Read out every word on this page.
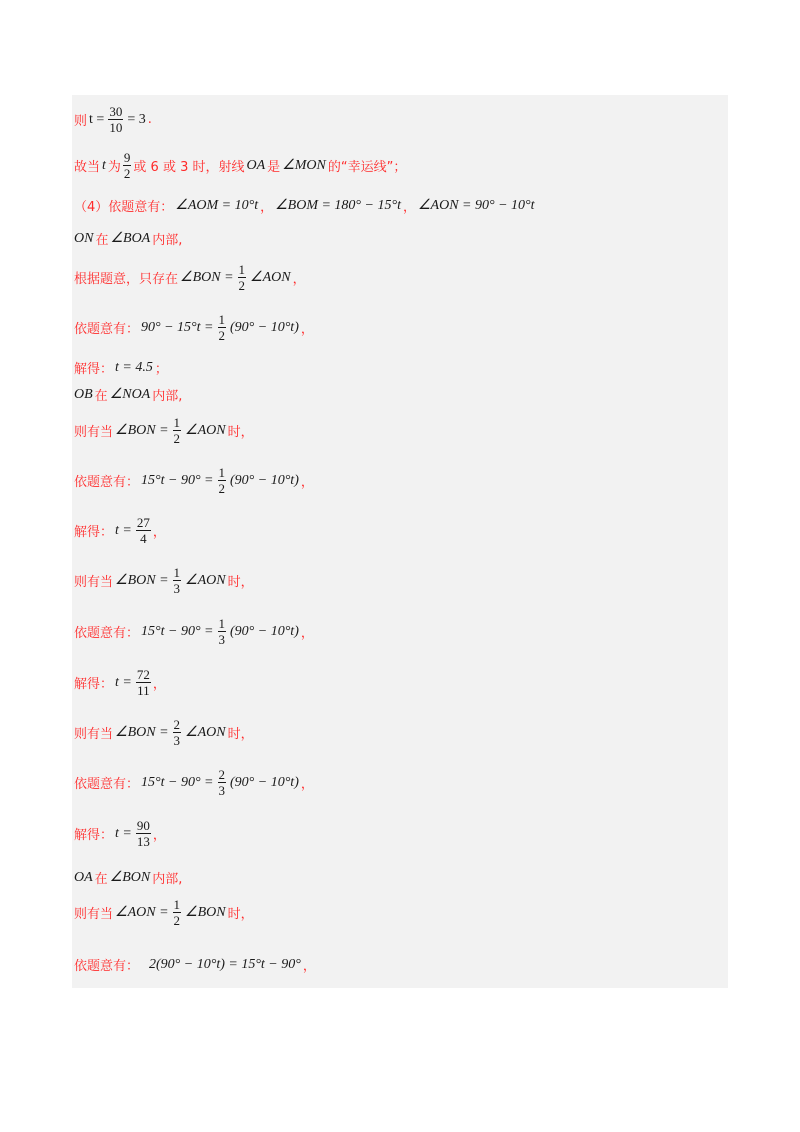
则 $t = \frac{30}{10} = 3$ .
故当 t 为 $\frac{9}{2}$ 或 6 或 3 时，射线 OA 是 ∠MON 的“幸运线”；
（4）依题意有： ∠AOM = 10°t ， ∠BOM = 180° − 15°t ， ∠AON = 90° − 10°t
ON 在 ∠BOA 内部,
根据题意，只存在 ∠BON = $\frac{1}{2}$ ∠AON ，
依题意有： $90^\circ - 15^\circ t = \frac{1}{2} (90^\circ - 10^\circ t)$ ，
解得： t = 4.5 ；
OB 在 ∠NOA 内部,
则有当 ∠BON = $\frac{1}{2}$ ∠AON 时，
依题意有： $15^\circ t - 90^\circ = \frac{1}{2} (90^\circ - 10^\circ t)$ ，
解得： $t = \frac{27}{4}$ ，
则有当 ∠BON = $\frac{1}{3}$ ∠AON 时，
依题意有： $15^\circ t - 90^\circ = \frac{1}{3} (90^\circ - 10^\circ t)$ ，
解得： $t = \frac{72}{11}$ ，
则有当 ∠BON = $\frac{2}{3}$ ∠AON 时，
依题意有： $15^\circ t - 90^\circ = \frac{2}{3} (90^\circ - 10^\circ t)$ ，
解得： $t = \frac{90}{13}$ ，
OA 在 ∠BON 内部,
则有当 ∠AON = $\frac{1}{2}$ ∠BON 时，
依题意有： 2(90° − 10°t) = 15°t − 90° ，
